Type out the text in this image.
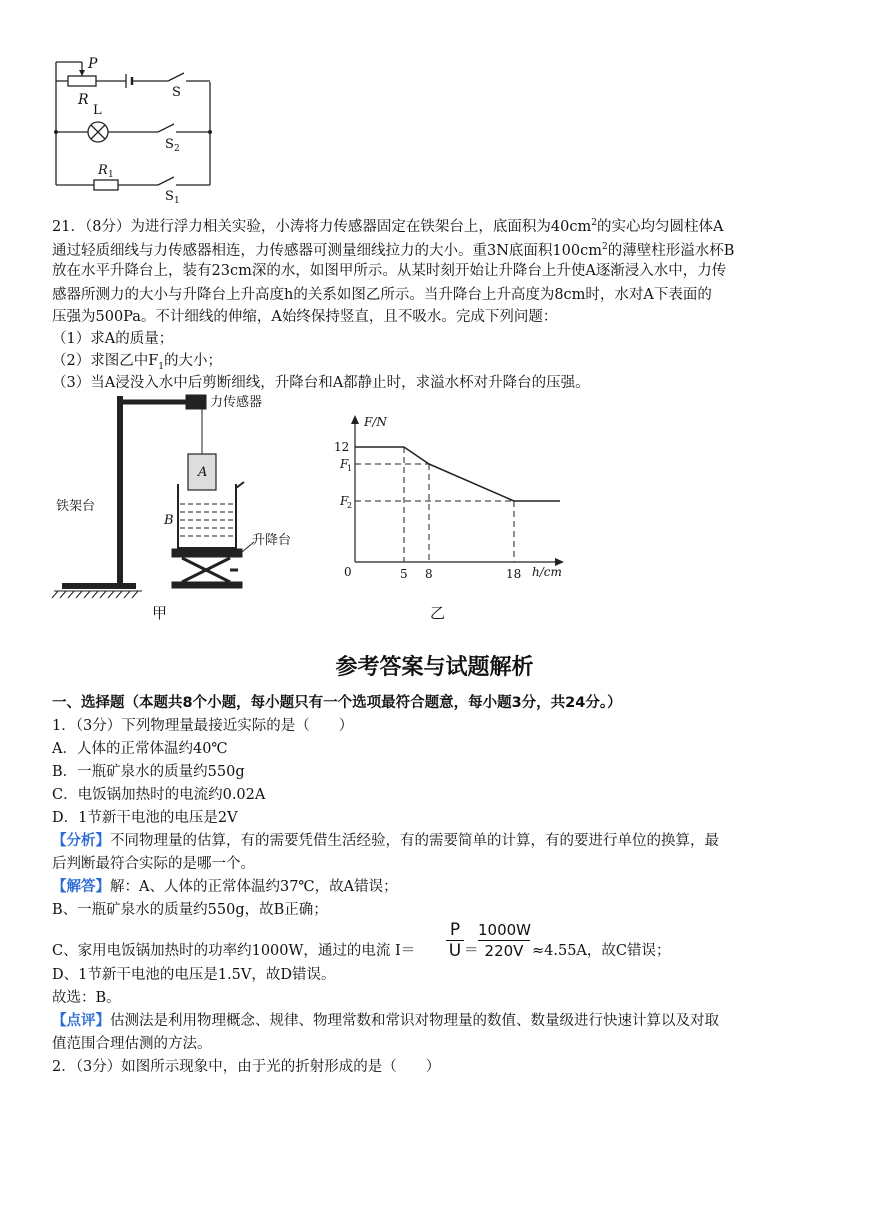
P
R	S
L
S 2
R 1
S 1
21．（8分）为进行浮力相关实验，小涛将力传感器固定在铁架台上，底面积为$40cm^2$的实心均匀圆柱体A
通过轻质细线与力传感器相连，力传感器可测量细线拉力的大小。重3N底面积$100cm^2$的薄壁柱形溢水杯B
放在水平升降台上，装有23cm深的水，如图甲所示。从某时刻开始让升降台上升使A逐渐浸入水中，力传
感器所测力的大小与升降台上升高度h的关系如图乙所示。当升降台上升高度为8cm时，水对A下表面的
压强为500Pa。不计细线的伸缩，A始终保持竖直，且不吸水。完成下列问题：
（1）求A的质量；
（2）求图乙中$F_1$的大小；
（3）当A浸没入水中后剪断细线，升降台和A都静止时，求溢水杯对升降台的压强。
力传感器
铁架台
A
B
升降台
甲
F/N
h/cm
0
12
F
1
F
2
5 8	18
乙
参考答案与试题解析
一、选择题（本题共8个小题，每小题只有一个选项最符合题意，每小题3分，共24分。）
1．（3分）下列物理量最接近实际的是（　　）
A．人体的正常体温约40℃
B．一瓶矿泉水的质量约550g
C．电饭锅加热时的电流约0.02A
D．1节新干电池的电压是2V
【分析】不同物理量的估算，有的需要凭借生活经验，有的需要简单的计算，有的要进行单位的换算，最
后判断最符合实际的是哪一个。
【解答】解：A、人体的正常体温约37℃，故A错误；
B、一瓶矿泉水的质量约550g，故B正确；
C、家用电饭锅加热时的功率约1000W，通过的电流 I＝
P
U ＝
1000W
220V ≈4.55A，故C错误；
D、1节新干电池的电压是1.5V，故D错误。
故选：B。
【点评】估测法是利用物理概念、规律、物理常数和常识对物理量的数值、数量级进行快速计算以及对取
值范围合理估测的方法。
2．（3分）如图所示现象中，由于光的折射形成的是（　　）
